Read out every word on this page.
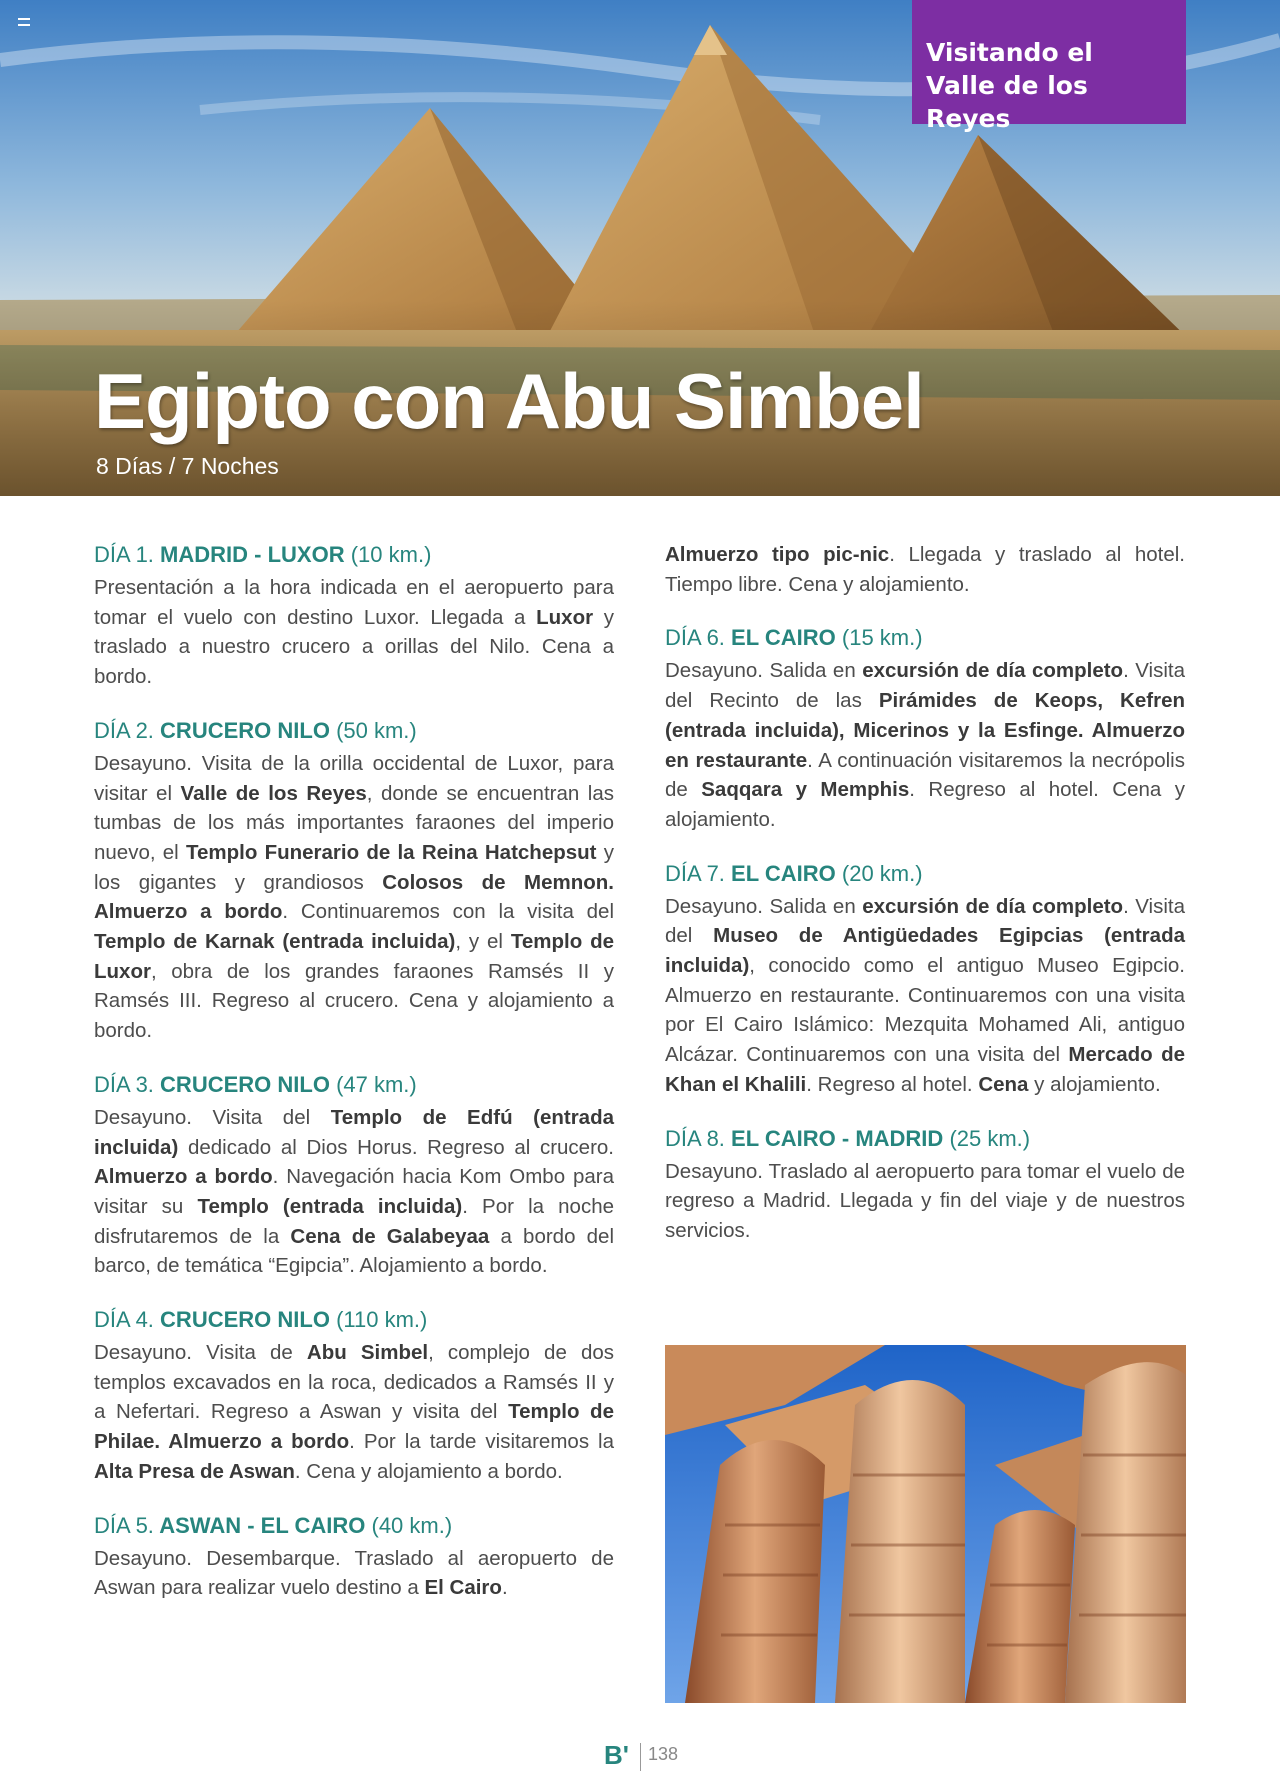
Visitando el Valle de los Reyes
Egipto con Abu Simbel

8 Días / 7 Noches

DÍA 1. MADRID - LUXOR (10 km.)

Presentación a la hora indicada en el aeropuerto para tomar el vuelo con destino Luxor. Llegada a Luxor y traslado a nuestro crucero a orillas del Nilo. Cena a bordo.

DÍA 2. CRUCERO NILO (50 km.)

Desayuno. Visita de la orilla occidental de Luxor, para visitar el Valle de los Reyes, donde se encuentran las tumbas de los más importantes faraones del imperio nuevo, el Templo Funerario de la Reina Hatchepsut y los gigantes y grandiosos Colosos de Memnon. Almuerzo a bordo. Continuaremos con la visita del Templo de Karnak (entrada incluida), y el Templo de Luxor, obra de los grandes faraones Ramsés II y Ramsés III. Regreso al crucero. Cena y alojamiento a bordo.

DÍA 3. CRUCERO NILO (47 km.)

Desayuno. Visita del Templo de Edfú (entrada incluida) dedicado al Dios Horus. Regreso al crucero. Almuerzo a bordo. Navegación hacia Kom Ombo para visitar su Templo (entrada incluida). Por la noche disfrutaremos de la Cena de Galabeyaa a bordo del barco, de temática “Egipcia”. Alojamiento a bordo.

DÍA 4. CRUCERO NILO (110 km.)

Desayuno. Visita de Abu Simbel, complejo de dos templos excavados en la roca, dedicados a Ramsés II y a Nefertari. Regreso a Aswan y visita del Templo de Philae. Almuerzo a bordo. Por la tarde visitaremos la Alta Presa de Aswan. Cena y alojamiento a bordo.

DÍA 5. ASWAN - EL CAIRO (40 km.)

Desayuno. Desembarque. Traslado al aeropuerto de Aswan para realizar vuelo destino a El Cairo.

Almuerzo tipo pic-nic. Llegada y traslado al hotel. Tiempo libre. Cena y alojamiento.

DÍA 6. EL CAIRO (15 km.)

Desayuno. Salida en excursión de día completo. Visita del Recinto de las Pirámides de Keops, Kefren (entrada incluida), Micerinos y la Esfinge. Almuerzo en restaurante. A continuación visitaremos la necrópolis de Saqqara y Memphis. Regreso al hotel. Cena y alojamiento.

DÍA 7. EL CAIRO (20 km.)

Desayuno. Salida en excursión de día completo. Visita del Museo de Antigüedades Egipcias (entrada incluida), conocido como el antiguo Museo Egipcio. Almuerzo en restaurante. Continuaremos con una visita por El Cairo Islámico: Mezquita Mohamed Ali, antiguo Alcázar. Continuaremos con una visita del Mercado de Khan el Khalili. Regreso al hotel. Cena y alojamiento.

DÍA 8. EL CAIRO - MADRID (25 km.)

Desayuno. Traslado al aeropuerto para tomar el vuelo de regreso a Madrid. Llegada y fin del viaje y de nuestros servicios.

B' 138
